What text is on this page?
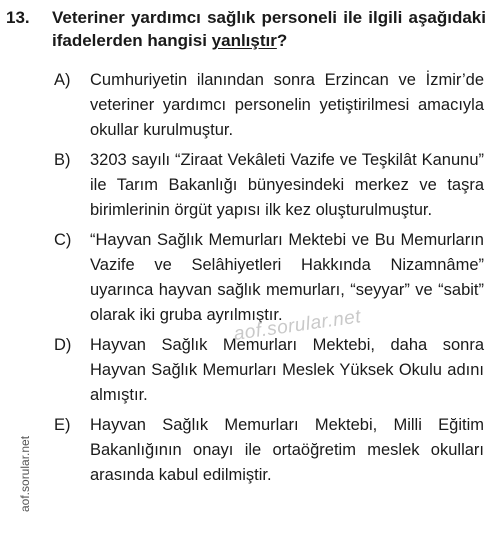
13.	Veteriner yardımcı sağlık personeli ile ilgili aşağıdaki ifadelerden hangisi yanlıştır?
A)	Cumhuriyetin ilanından sonra Erzincan ve İzmir’de veteriner yardımcı personelin yetiştirilmesi amacıyla okullar kurulmuştur.
B)	3203 sayılı “Ziraat Vekâleti Vazife ve Teşkilât Kanunu” ile Tarım Bakanlığı bünyesindeki merkez ve taşra birimlerinin örgüt yapısı ilk kez oluşturulmuştur.
C)	“Hayvan Sağlık Memurları Mektebi ve Bu Memurların Vazife ve Selâhiyetleri Hakkında Nizamnâme” uyarınca hayvan sağlık memurları, “seyyar” ve “sabit” olarak iki gruba ayrılmıştır.
D)	Hayvan Sağlık Memurları Mektebi, daha sonra Hayvan Sağlık Memurları Meslek Yüksek Okulu adını almıştır.
E)	Hayvan Sağlık Memurları Mektebi, Milli Eğitim Bakanlığının onayı ile ortaöğretim meslek okulları arasında kabul edilmiştir.
aof.sorular.net
aof.sorular.net
